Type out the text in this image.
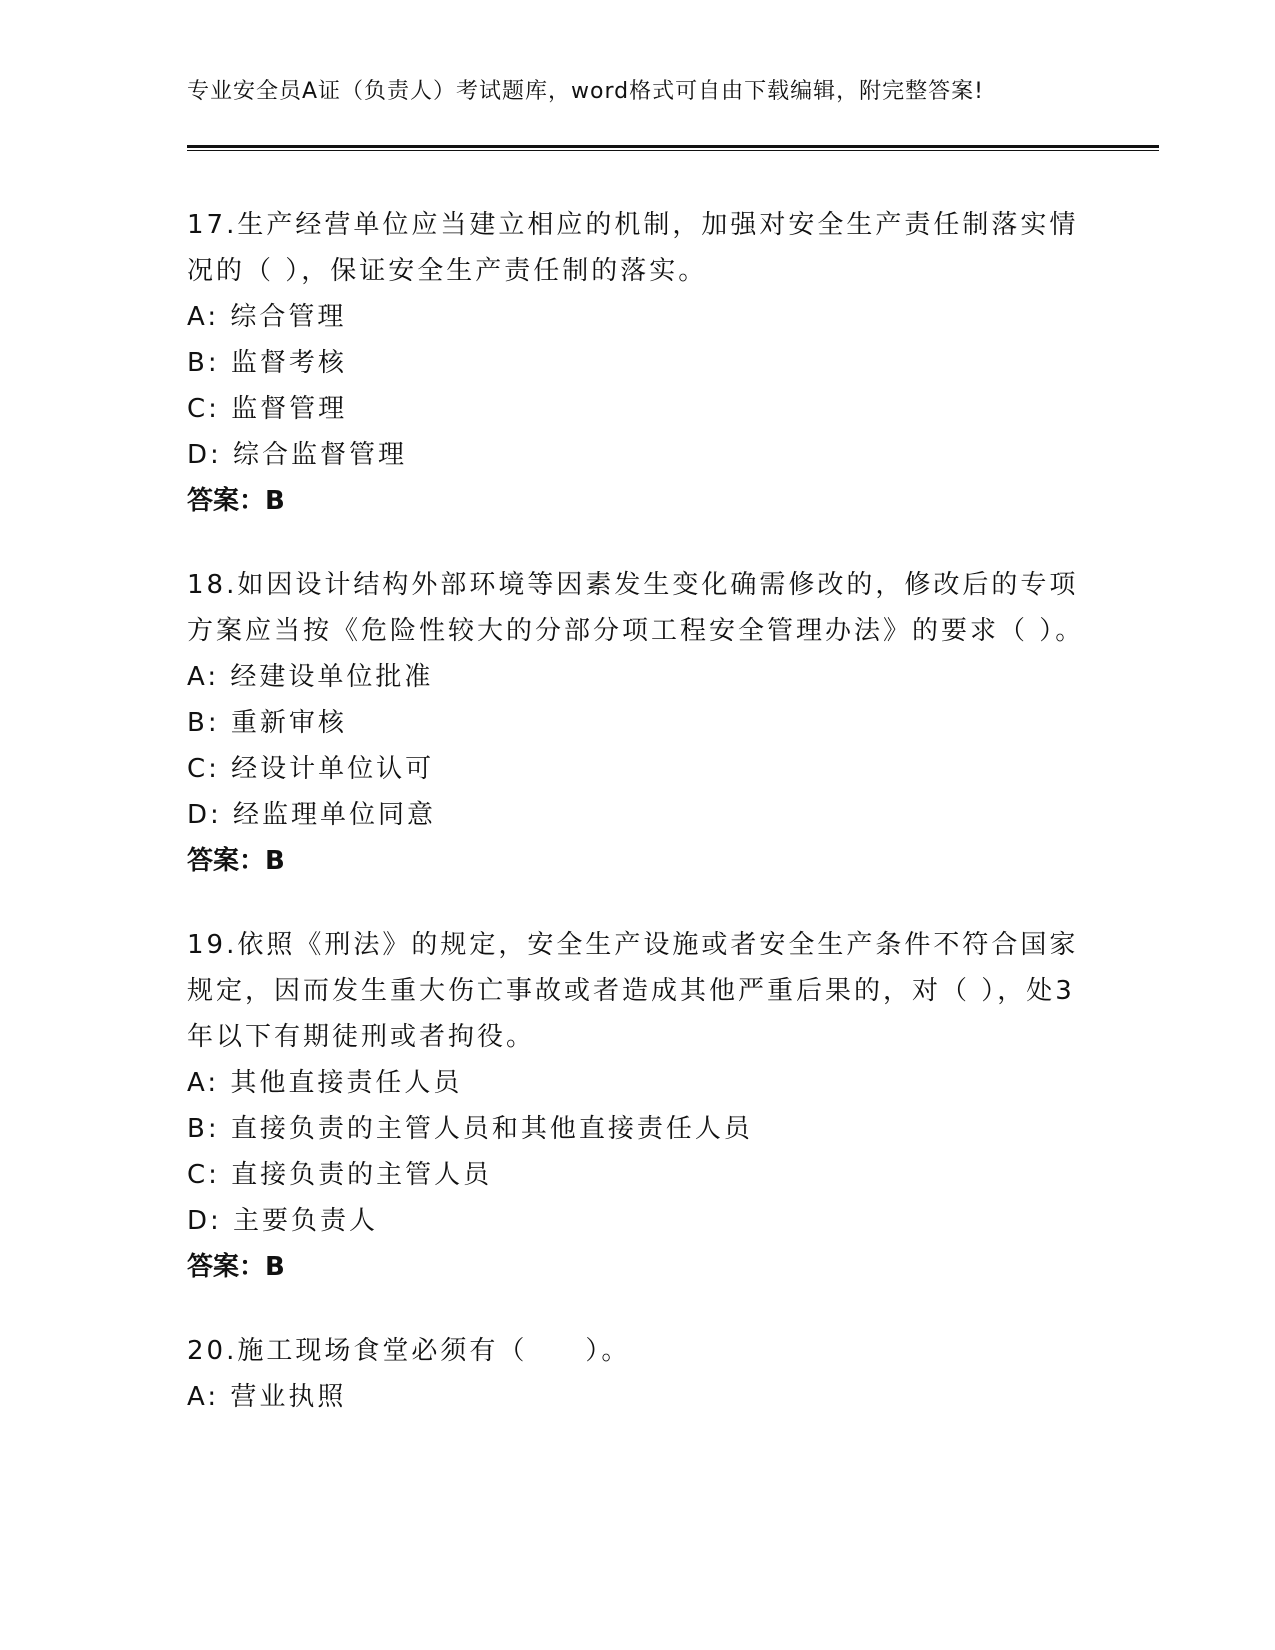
专业安全员A证（负责人）考试题库，word格式可自由下载编辑，附完整答案!

17.生产经营单位应当建立相应的机制，加强对安全生产责任制落实情况的（ ），保证安全生产责任制的落实。

A: 综合管理

B: 监督考核

C: 监督管理

D: 综合监督管理

答案：B

18.如因设计结构外部环境等因素发生变化确需修改的，修改后的专项方案应当按《危险性较大的分部分项工程安全管理办法》的要求（ ）。

A: 经建设单位批准

B: 重新审核

C: 经设计单位认可

D: 经监理单位同意

答案：B

19.依照《刑法》的规定，安全生产设施或者安全生产条件不符合国家规定，因而发生重大伤亡事故或者造成其他严重后果的，对（ ），处3年以下有期徒刑或者拘役。

A: 其他直接责任人员

B: 直接负责的主管人员和其他直接责任人员

C: 直接负责的主管人员

D: 主要负责人

答案：B

20.施工现场食堂必须有（　　）。

A: 营业执照
